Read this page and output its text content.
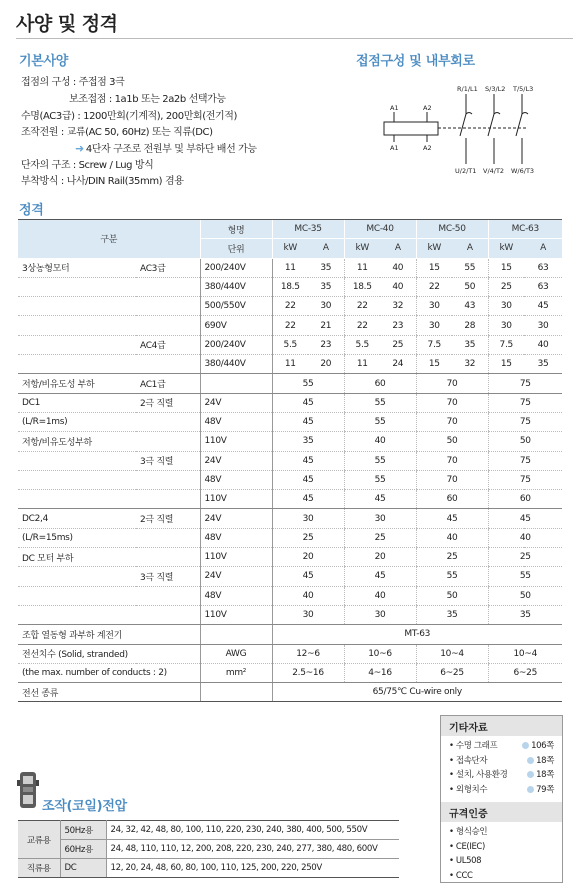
사양 및 정격
기본사양
접점의 구성 : 주접점 3극
보조접점 : 1a1b 또는 2a2b 선택가능
수명(AC3급) : 1200만회(기계적), 200만회(전기적)
조작전원 : 교류(AC 50, 60Hz) 또는 직류(DC)
➜ 4단자 구조로 전원부 및 부하단 배선 가능
단자의 구조 : Screw / Lug 방식
부착방식 : 나사/DIN Rail(35mm) 겸용
접점구성 및 내부회로
R/1/L1 S/3/L2 T/5/L3
U/2/T1 V/4/T2 W/6/T3
A1	A2
A1	A2
정격
구분		형명	MC-35		MC-40		MC-50		MC-63	
		단위	kW	A	kW	A	kW	A	kW	A
3상농형모터	AC3급	200/240V	11	35	11	40	15	55	15	63
		380/440V	18.5	35	18.5	40	22	50	25	63
		500/550V	22	30	22	32	30	43	30	45
		690V	22	21	22	23	30	28	30	30
	AC4급	200/240V	5.5	23	5.5	25	7.5	35	7.5	40
		380/440V	11	20	11	24	15	32	15	35
저항/비유도성 부하	AC1급		55		60		70		75	
DC1	2극 직렬	24V	45		55		70		75	
(L/R=1ms)		48V	45		55		70		75	
저항/비유도성부하		110V	35		40		50		50	
	3극 직렬	24V	45		55		70		75	
		48V	45		55		70		75	
		110V	45		45		60		60	
DC2,4	2극 직렬	24V	30		30		45		45	
(L/R=15ms)		48V	25		25		40		40	
DC 모터 부하		110V	20		20		25		25	
	3극 직렬	24V	45		45		55		55	
		48V	40		40		50		50	
		110V	30		30		35		35	
조합 열동형 과부하 계전기			MT-63							
전선치수 (Solid, stranded)		AWG	12~6		10~6		10~4		10~4	
(the max. number of conducts : 2)		mm²	2.5~16		4~16		6~25		6~25	
전선 종류			65/75℃ Cu-wire only							
기타자료
• 수명 그래프	106쪽
• 접속단자	18쪽
• 설치, 사용환경	18쪽
• 외형치수	79쪽
규격인증
• 형식승인
• CE(IEC)
• UL508
• CCC
조작(코일)전압
교류용	50Hz용	24, 32, 42, 48, 80, 100, 110, 220, 230, 240, 380, 400, 500, 550V
	60Hz용	24, 48, 110, 110, 12, 200, 208, 220, 230, 240, 277, 380, 480, 600V
직류용	DC	12, 20, 24, 48, 60, 80, 100, 110, 125, 200, 220, 250V
